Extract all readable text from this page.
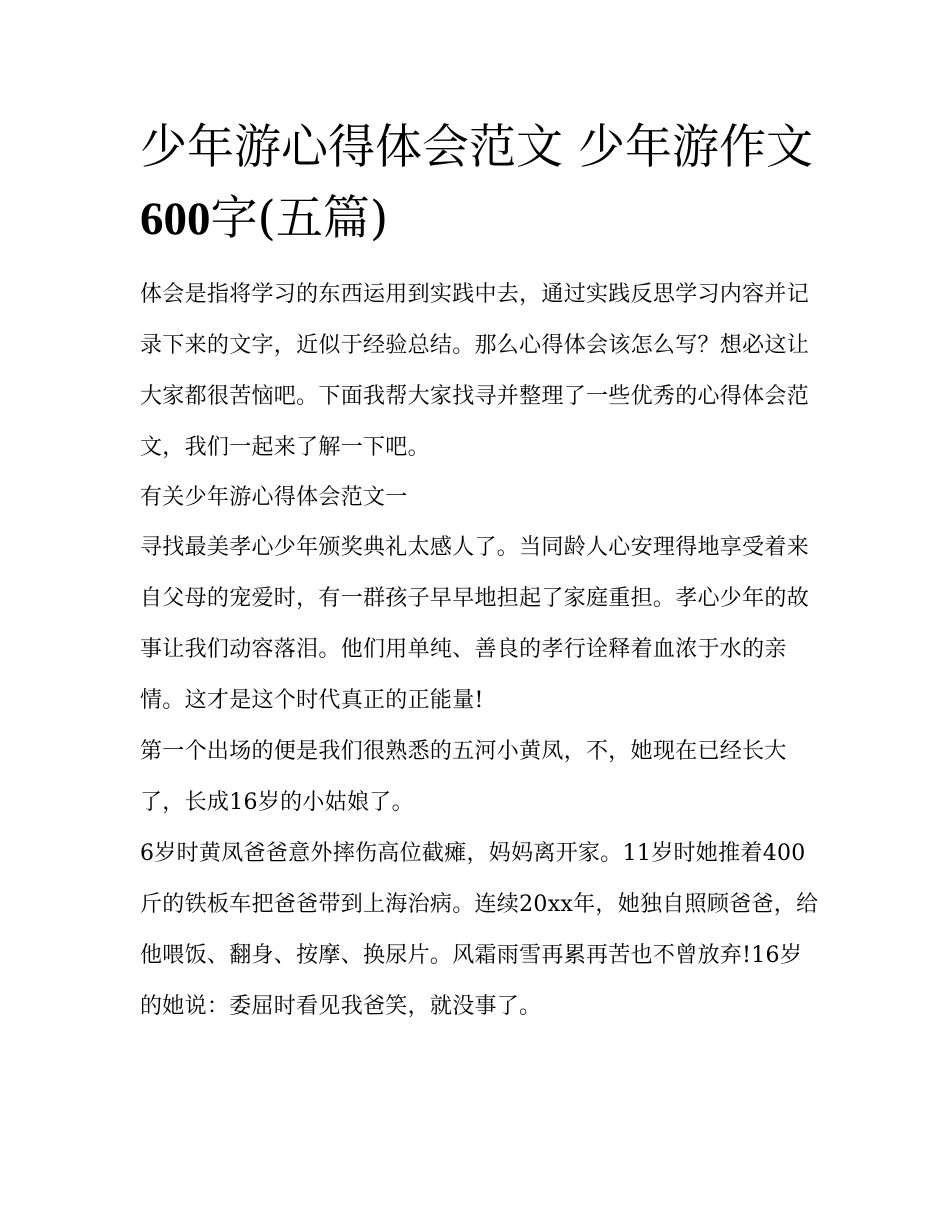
少年游心得体会范文 少年游作文600字(五篇)

体会是指将学习的东西运用到实践中去，通过实践反思学习内容并记录下来的文字，近似于经验总结。那么心得体会该怎么写？想必这让大家都很苦恼吧。下面我帮大家找寻并整理了一些优秀的心得体会范文，我们一起来了解一下吧。

有关少年游心得体会范文一

寻找最美孝心少年颁奖典礼太感人了。当同龄人心安理得地享受着来自父母的宠爱时，有一群孩子早早地担起了家庭重担。孝心少年的故事让我们动容落泪。他们用单纯、善良的孝行诠释着血浓于水的亲情。这才是这个时代真正的正能量!

第一个出场的便是我们很熟悉的五河小黄凤，不，她现在已经长大了，长成16岁的小姑娘了。

6岁时黄凤爸爸意外摔伤高位截瘫，妈妈离开家。11岁时她推着400斤的铁板车把爸爸带到上海治病。连续20xx年，她独自照顾爸爸，给他喂饭、翻身、按摩、换尿片。风霜雨雪再累再苦也不曾放弃!16岁的她说：委屈时看见我爸笑，就没事了。
